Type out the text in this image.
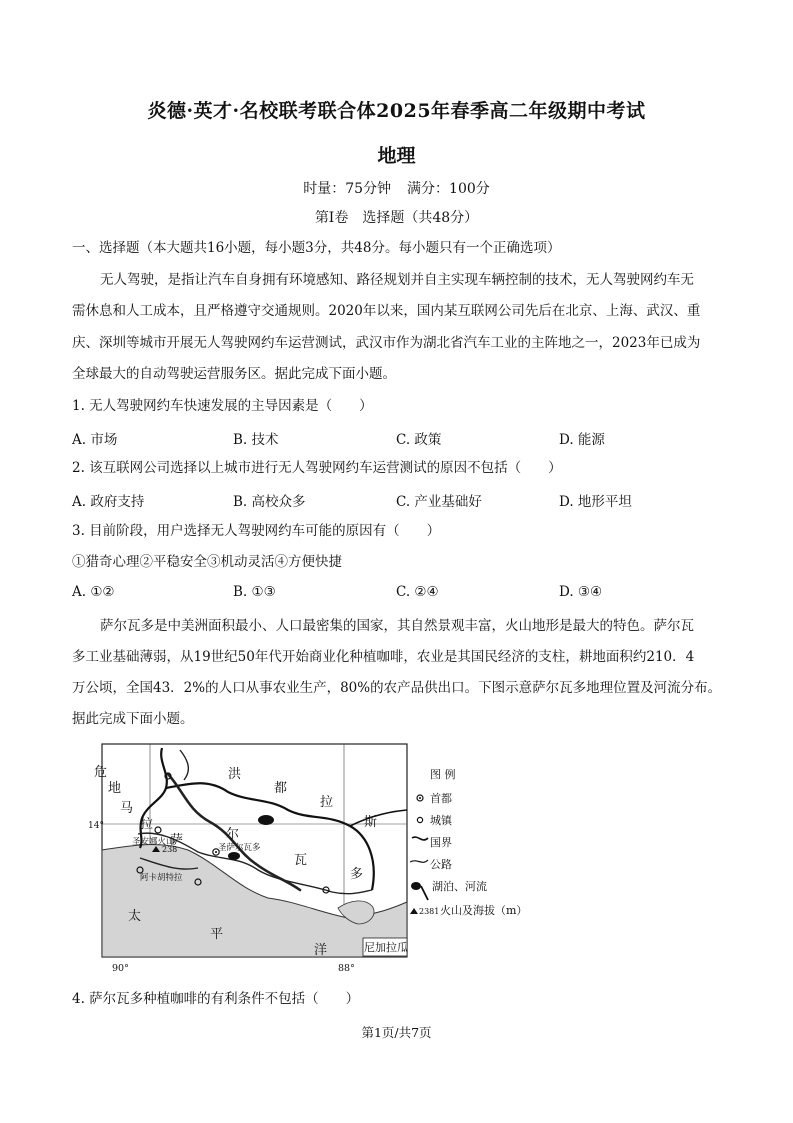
炎德·英才·名校联考联合体2025年春季高二年级期中考试
地理
时量：75分钟 满分：100分
第Ⅰ卷　选择题（共48分）
一、选择题（本大题共16小题，每小题3分，共48分。每小题只有一个正确选项）
无人驾驶，是指让汽车自身拥有环境感知、路径规划并自主实现车辆控制的技术，无人驾驶网约车无
需休息和人工成本，且严格遵守交通规则。2020年以来，国内某互联网公司先后在北京、上海、武汉、重
庆、深圳等城市开展无人驾驶网约车运营测试，武汉市作为湖北省汽车工业的主阵地之一，2023年已成为
全球最大的自动驾驶运营服务区。据此完成下面小题。
1. 无人驾驶网约车快速发展的主导因素是（　　）
A. 市场	B. 技术	C. 政策	D. 能源
2. 该互联网公司选择以上城市进行无人驾驶网约车运营测试的原因不包括（　　）
A. 政府支持	B. 高校众多	C. 产业基础好	D. 地形平坦
3. 目前阶段，用户选择无人驾驶网约车可能的原因有（　　）
①猎奇心理②平稳安全③机动灵活④方便快捷
A. ①②	B. ①③	C. ②④	D. ③④
萨尔瓦多是中美洲面积最小、人口最密集的国家，其自然景观丰富，火山地形是最大的特色。萨尔瓦
多工业基础薄弱，从19世纪50年代开始商业化种植咖啡，农业是其国民经济的支柱，耕地面积约210．4
万公顷，全国43．2%的人口从事农业生产，80%的农产品供出口。下图示意萨尔瓦多地理位置及河流分布。
据此完成下面小题。
危
地
马
拉
洪
都
拉
斯
萨	尔
瓦
多
太
平
洋
圣安娜火山
238	圣萨尔瓦多
阿卡胡特拉
14°
90°	88°
尼加拉瓜
图 例
首都
城镇
国界
公路
湖泊、河流
2381 火山及海拔（m）
4. 萨尔瓦多种植咖啡的有利条件不包括（　　）
第1页/共7页
